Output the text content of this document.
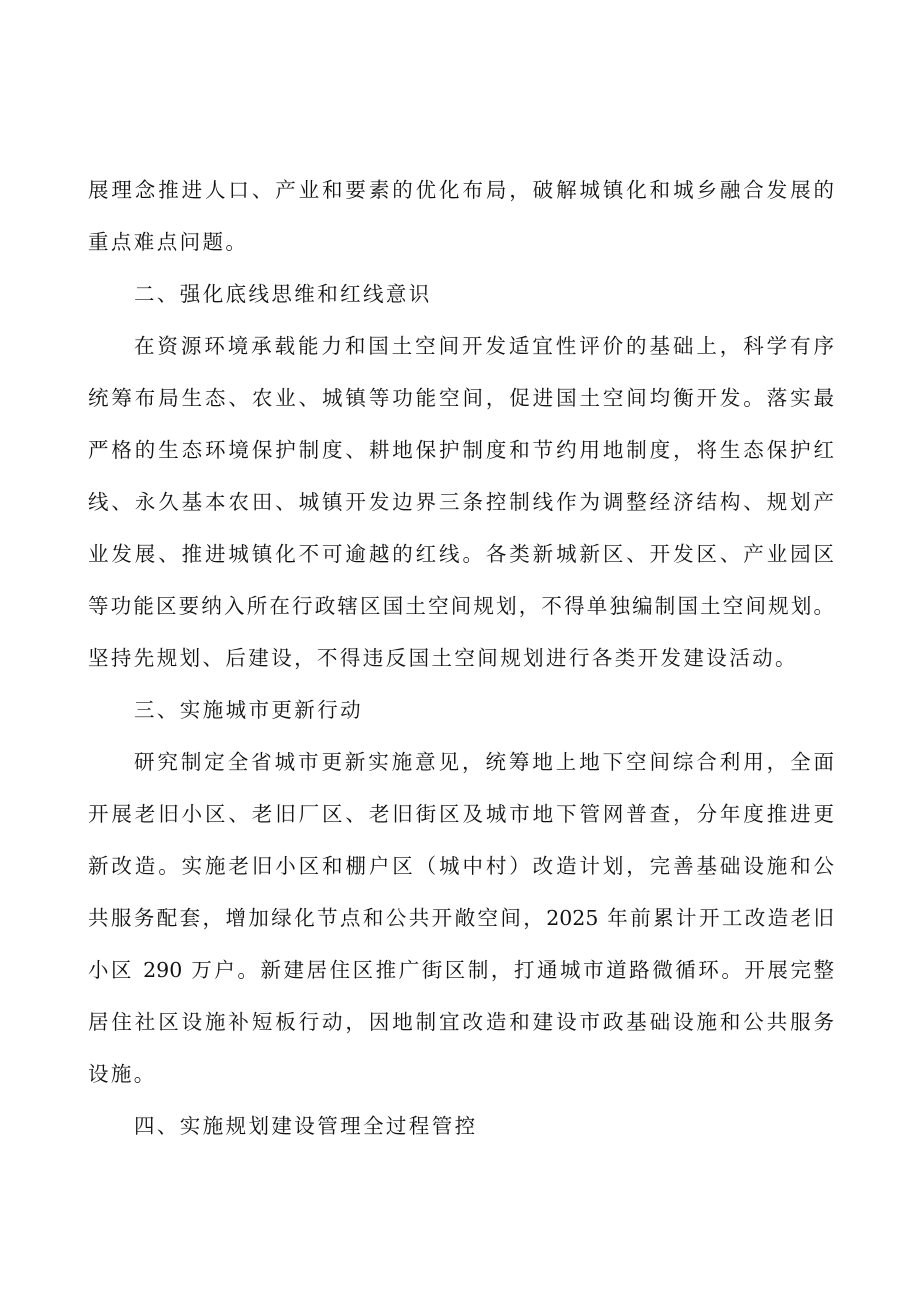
展理念推进人口、产业和要素的优化布局，破解城镇化和城乡融合发展的
重点难点问题。
二、强化底线思维和红线意识
在资源环境承载能力和国土空间开发适宜性评价的基础上，科学有序
统筹布局生态、农业、城镇等功能空间，促进国土空间均衡开发。落实最
严格的生态环境保护制度、耕地保护制度和节约用地制度，将生态保护红
线、永久基本农田、城镇开发边界三条控制线作为调整经济结构、规划产
业发展、推进城镇化不可逾越的红线。各类新城新区、开发区、产业园区
等功能区要纳入所在行政辖区国土空间规划，不得单独编制国土空间规划。
坚持先规划、后建设，不得违反国土空间规划进行各类开发建设活动。
三、实施城市更新行动
研究制定全省城市更新实施意见，统筹地上地下空间综合利用，全面
开展老旧小区、老旧厂区、老旧街区及城市地下管网普查，分年度推进更
新改造。实施老旧小区和棚户区（城中村）改造计划，完善基础设施和公
共服务配套，增加绿化节点和公共开敞空间，2025 年前累计开工改造老旧
小区 290 万户。新建居住区推广街区制，打通城市道路微循环。开展完整
居住社区设施补短板行动，因地制宜改造和建设市政基础设施和公共服务
设施。
四、实施规划建设管理全过程管控
